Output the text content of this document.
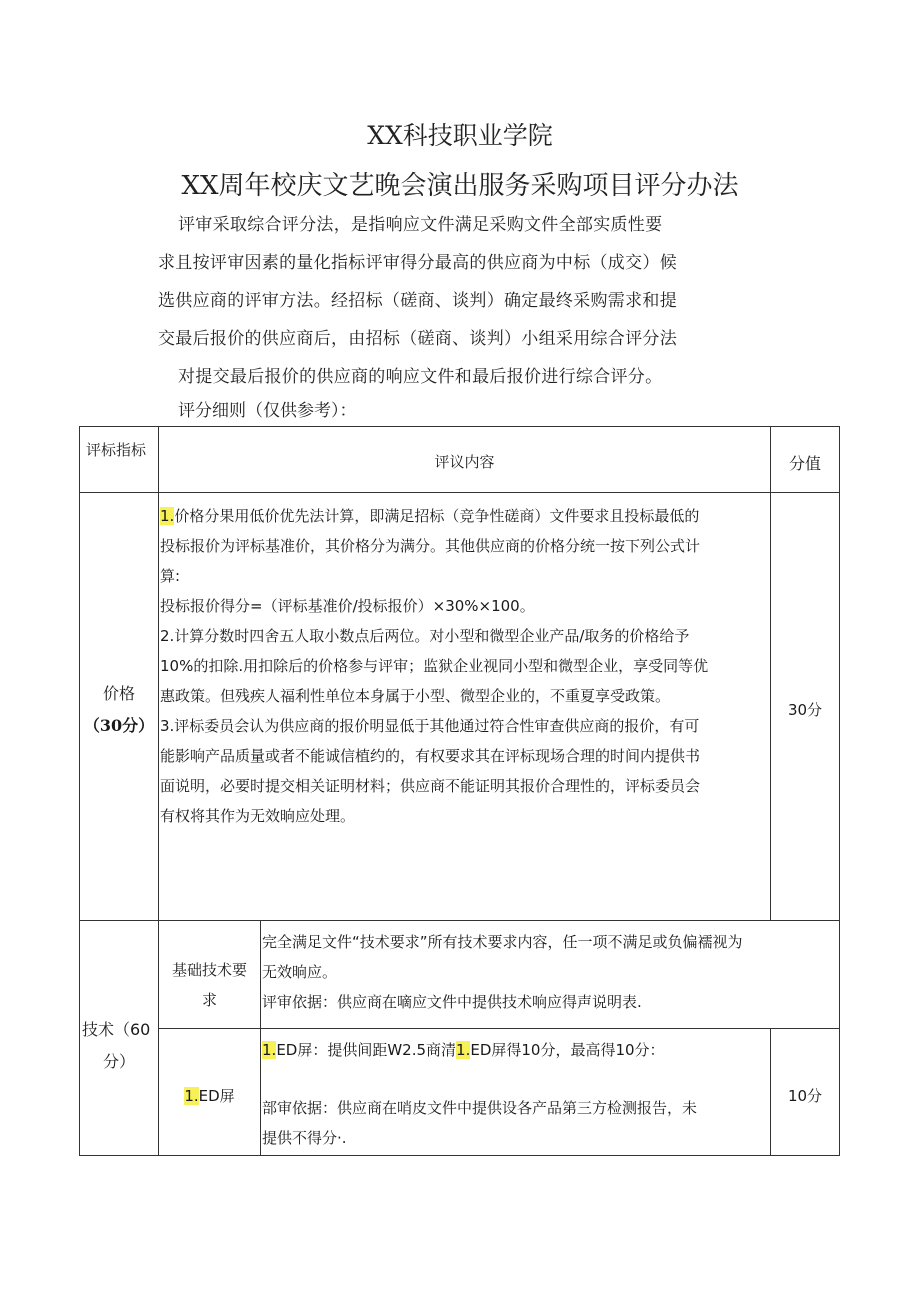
XX科技职业学院
XX周年校庆文艺晚会演出服务采购项目评分办法

评审采取综合评分法，是指响应文件满足采购文件全部实质性要

求且按评审因素的量化指标评审得分最高的供应商为中标（成交）候

选供应商的评审方法。经招标（磋商、谈判）确定最终采购需求和提

交最后报价的供应商后，由招标（磋商、谈判）小组采用综合评分法

对提交最后报价的供应商的响应文件和最后报价进行综合评分。

评分细则（仅供参考）：
评标指标
评议内容	分值
价格
（30分）
30分

1.价格分果用低价优先法计算，即满足招标（竞争性磋商）文件要求且投标最低的

投标报价为评标基准价，其价格分为满分。其他供应商的价格分统一按下列公式计

算:

投标报价得分=（评标基准价/投标报价）×30%×100。

2.计算分数时四舍五人取小数点后两位。对小型和微型企业产品/取务的价格给予

10%的扣除.用扣除后的价格参与评审；监狱企业视同小型和微型企业，享受同等优

惠政策。但残疾人福利性单位本身属于小型、微型企业的，不重夏享受政策。

3.评标委员会认为供应商的报价明显低于其他通过符合性审查供应商的报价，有可

能影响产品质量或者不能诚信植约的，有权要求其在评标现场合理的时间内提供书

面说明，必要时提交相关证明材料；供应商不能证明其报价合理性的，评标委员会

有权将其作为无效晌应处理。

技术（60
分）
基础技术要
求

完全满足文件“技术要求”所有技术要求内容，任一项不满足或负偏襦视为

无效晌应。

评审依据：供应商在嘀应文件中提供技术响应得声说明表.

1.ED屏

1.ED屏：提供间距W2.5商清1.ED屏得10分，最高得10分：

部审依据：供应商在哨皮文件中提供设各产品第三方检测报告，未

提供不得分·.

10分
